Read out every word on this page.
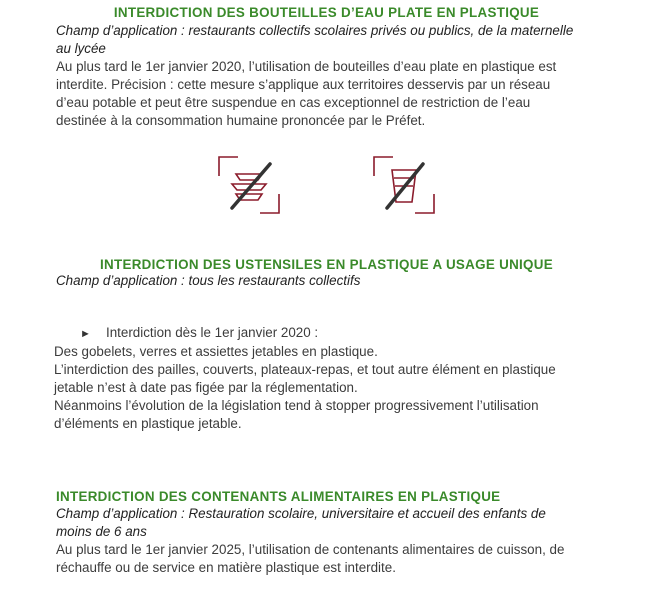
INTERDICTION DES BOUTEILLES D’EAU PLATE EN PLASTIQUE
Champ d’application : restaurants collectifs scolaires privés ou publics, de la maternelle
au lycée
Au plus tard le 1er janvier 2020, l’utilisation de bouteilles d’eau plate en plastique est
interdite. Précision : cette mesure s’applique aux territoires desservis par un réseau
d’eau potable et peut être suspendue en cas exceptionnel de restriction de l’eau
destinée à la consommation humaine prononcée par le Préfet.
INTERDICTION DES USTENSILES EN PLASTIQUE A USAGE UNIQUE
Champ d’application : tous les restaurants collectifs
► Interdiction dès le 1er janvier 2020 :
Des gobelets, verres et assiettes jetables en plastique.
L’interdiction des pailles, couverts, plateaux-repas, et tout autre élément en plastique
jetable n’est à date pas figée par la réglementation.
Néanmoins l’évolution de la législation tend à stopper progressivement l’utilisation
d’éléments en plastique jetable.
INTERDICTION DES CONTENANTS ALIMENTAIRES EN PLASTIQUE
Champ d’application : Restauration scolaire, universitaire et accueil des enfants de
moins de 6 ans
Au plus tard le 1er janvier 2025, l’utilisation de contenants alimentaires de cuisson, de
réchauffe ou de service en matière plastique est interdite.
